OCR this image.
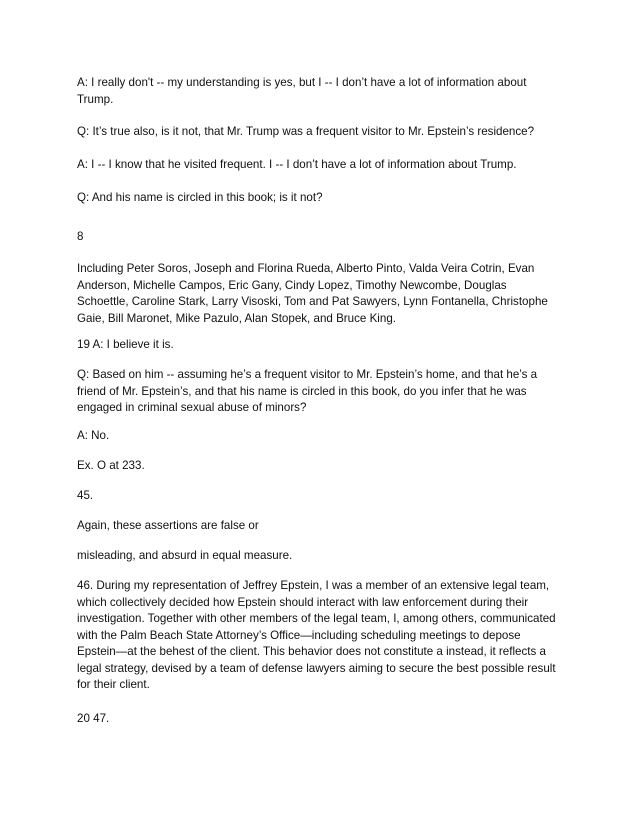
A: I really don't -- my understanding is yes, but I -- I don’t have a lot of information about Trump.

Q: It’s true also, is it not, that Mr. Trump was a frequent visitor to Mr. Epstein’s residence?

A: I -- I know that he visited frequent. I -- I don’t have a lot of information about Trump.

Q: And his name is circled in this book; is it not?

8

Including Peter Soros, Joseph and Florina Rueda, Alberto Pinto, Valda Veira Cotrin, Evan Anderson, Michelle Campos, Eric Gany, Cindy Lopez, Timothy Newcombe, Douglas Schoettle, Caroline Stark, Larry Visoski, Tom and Pat Sawyers, Lynn Fontanella, Christophe Gaie, Bill Maronet, Mike Pazulo, Alan Stopek, and Bruce King.

19 A: I believe it is.

Q: Based on him -- assuming he’s a frequent visitor to Mr. Epstein’s home, and that he’s a friend of Mr. Epstein’s, and that his name is circled in this book, do you infer that he was engaged in criminal sexual abuse of minors?

A: No.

Ex. O at 233.

45.

Again, these assertions are false or

misleading, and absurd in equal measure.

46. During my representation of Jeffrey Epstein, I was a member of an extensive legal team, which collectively decided how Epstein should interact with law enforcement during their investigation. Together with other members of the legal team, I, among others, communicated with the Palm Beach State Attorney’s Office—including scheduling meetings to depose Epstein—at the behest of the client. This behavior does not constitute a instead, it reflects a legal strategy, devised by a team of defense lawyers aiming to secure the best possible result for their client.

20 47.
